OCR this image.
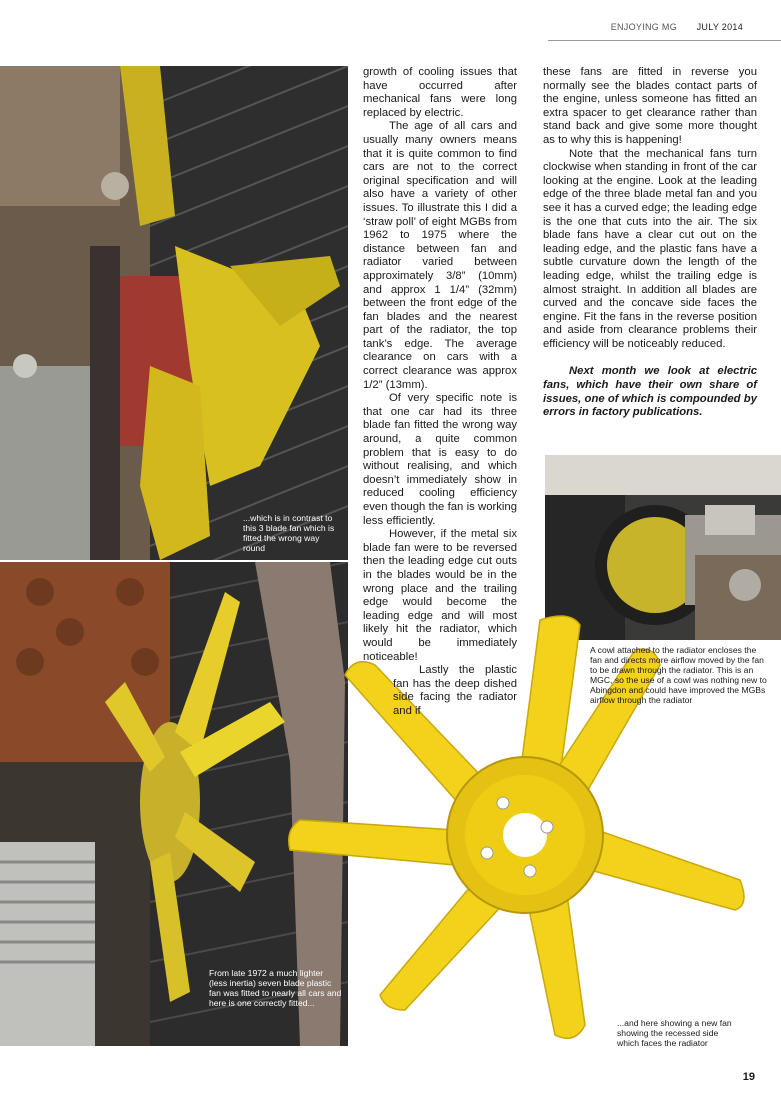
ENJOYING MG JULY 2014
...which is in contrast to this 3 blade fan which is fitted the wrong way round
From late 1972 a much lighter (less inertia) seven blade plastic fan was fitted to nearly all cars and here is one correctly fitted...
A cowl attached to the radiator encloses the fan and directs more airflow moved by the fan to be drawn through the radiator. This is an MGC, so the use of a cowl was nothing new to Abingdon and could have improved the MGBs airflow through the radiator
...and here showing a new fan showing the recessed side which faces the radiator

growth of cooling issues that have occurred after mechanical fans were long replaced by electric.

The age of all cars and usually many owners means that it is quite common to find cars are not to the correct original specification and will also have a variety of other issues. To illustrate this I did a ‘straw poll’ of eight MGBs from 1962 to 1975 where the distance between fan and radiator varied between approximately 3/8” (10mm) and approx 1 1/4” (32mm) between the front edge of the fan blades and the nearest part of the radiator, the top tank’s edge. The average clearance on cars with a correct clearance was approx 1/2” (13mm).

Of very specific note is that one car had its three blade fan fitted the wrong way around, a quite common problem that is easy to do without realising, and which doesn’t immediately show in reduced cooling efficiency even though the fan is working less efficiently.

However, if the metal six blade fan were to be reversed then the leading edge cut outs in the blades would be in the wrong place and the trailing edge would become the leading edge and will most likely hit the radiator, which would be immediately noticeable!

Lastly the plastic fan has the deep dished side facing the radiator and if

these fans are fitted in reverse you normally see the blades contact parts of the engine, unless someone has fitted an extra spacer to get clearance rather than stand back and give some more thought as to why this is happening!

Note that the mechanical fans turn clockwise when standing in front of the car looking at the engine. Look at the leading edge of the three blade metal fan and you see it has a curved edge; the leading edge is the one that cuts into the air. The six blade fans have a clear cut out on the leading edge, and the plastic fans have a subtle curvature down the length of the leading edge, whilst the trailing edge is almost straight. In addition all blades are curved and the concave side faces the engine. Fit the fans in the reverse position and aside from clearance problems their efficiency will be noticeably reduced.

Next month we look at electric fans, which have their own share of issues, one of which is compounded by errors in factory publications.

19
